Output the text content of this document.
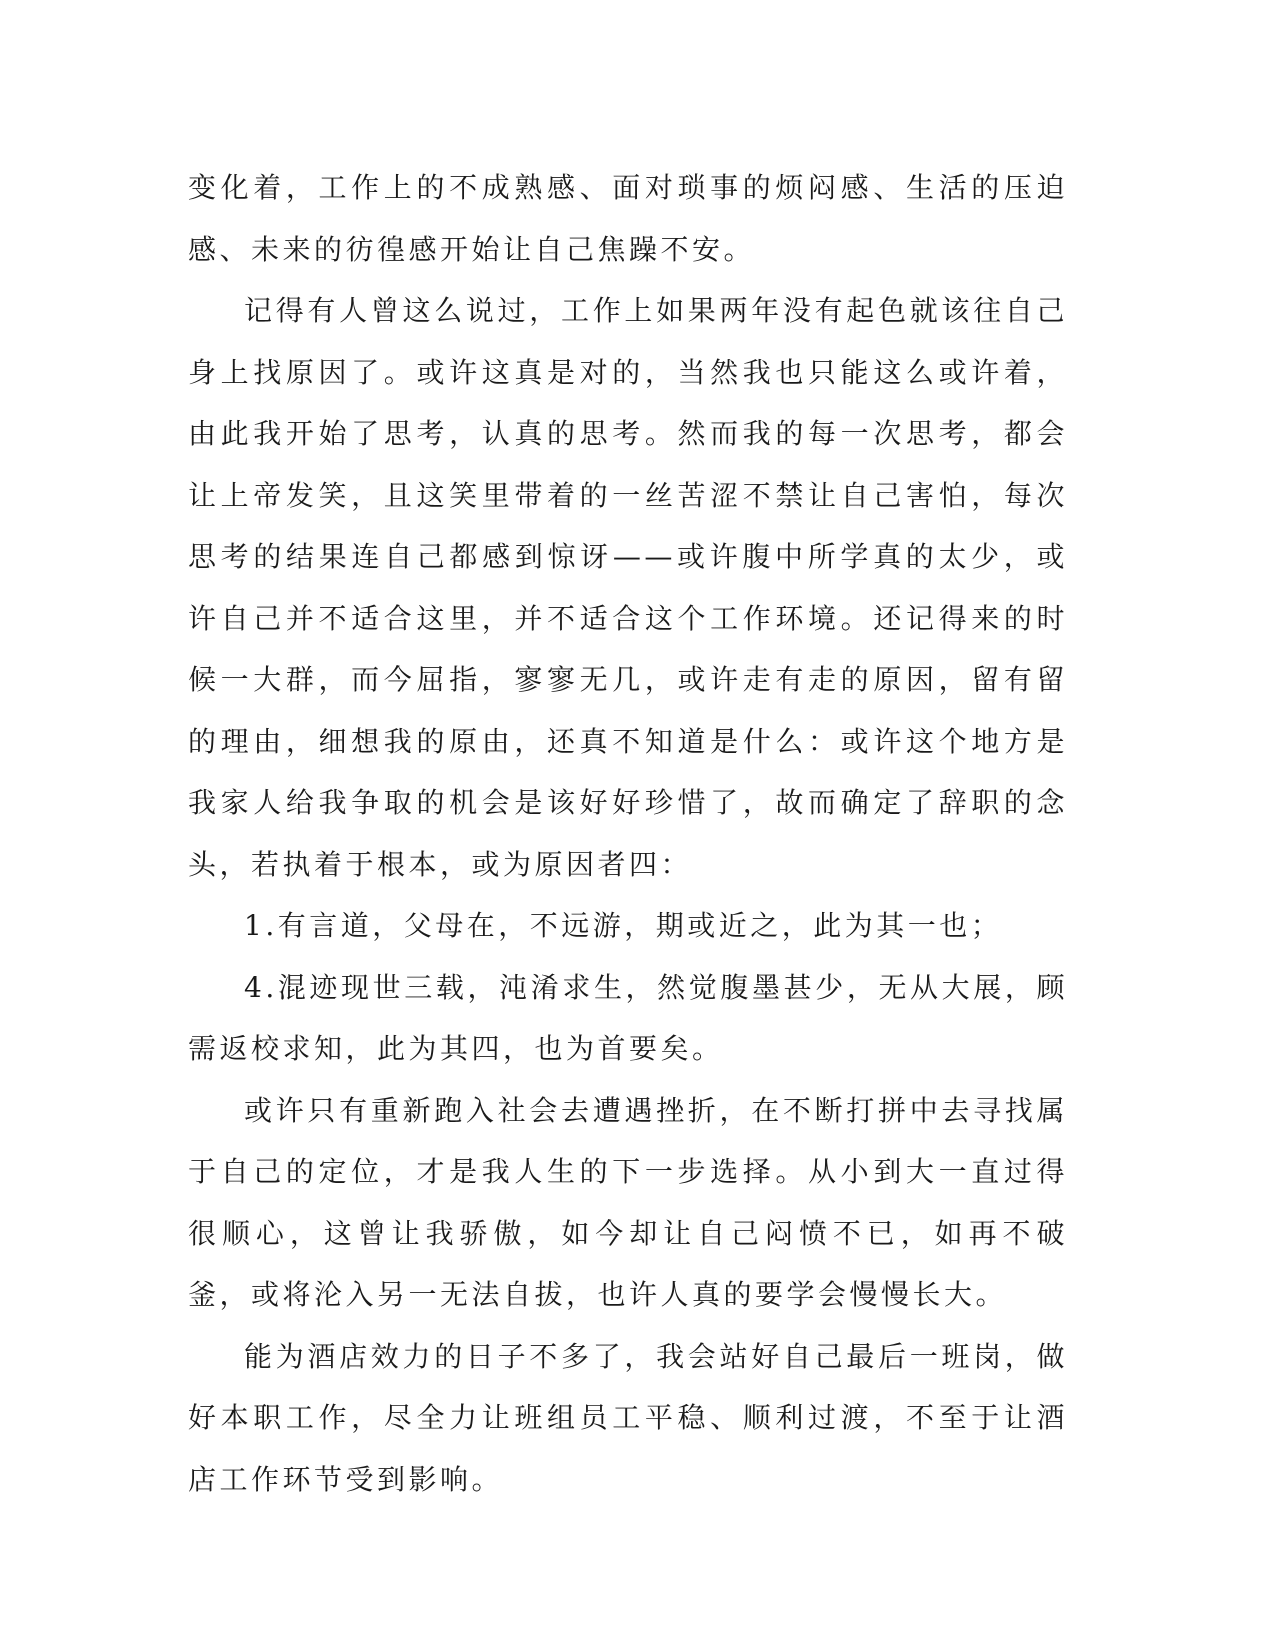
变化着，工作上的不成熟感、面对琐事的烦闷感、生活的压迫感、未来的彷徨感开始让自己焦躁不安。

记得有人曾这么说过，工作上如果两年没有起色就该往自己身上找原因了。或许这真是对的，当然我也只能这么或许着，由此我开始了思考，认真的思考。然而我的每一次思考，都会让上帝发笑，且这笑里带着的一丝苦涩不禁让自己害怕，每次思考的结果连自己都感到惊讶——或许腹中所学真的太少，或许自己并不适合这里，并不适合这个工作环境。还记得来的时候一大群，而今屈指，寥寥无几，或许走有走的原因，留有留的理由，细想我的原由，还真不知道是什么：或许这个地方是我家人给我争取的机会是该好好珍惜了，故而确定了辞职的念头，若执着于根本，或为原因者四：

1.有言道，父母在，不远游，期或近之，此为其一也；

4.混迹现世三载，沌淆求生，然觉腹墨甚少，无从大展，顾需返校求知，此为其四，也为首要矣。

或许只有重新跑入社会去遭遇挫折，在不断打拼中去寻找属于自己的定位，才是我人生的下一步选择。从小到大一直过得很顺心，这曾让我骄傲，如今却让自己闷愤不已，如再不破釜，或将沦入另一无法自拔，也许人真的要学会慢慢长大。

能为酒店效力的日子不多了，我会站好自己最后一班岗，做好本职工作，尽全力让班组员工平稳、顺利过渡，不至于让酒店工作环节受到影响。
